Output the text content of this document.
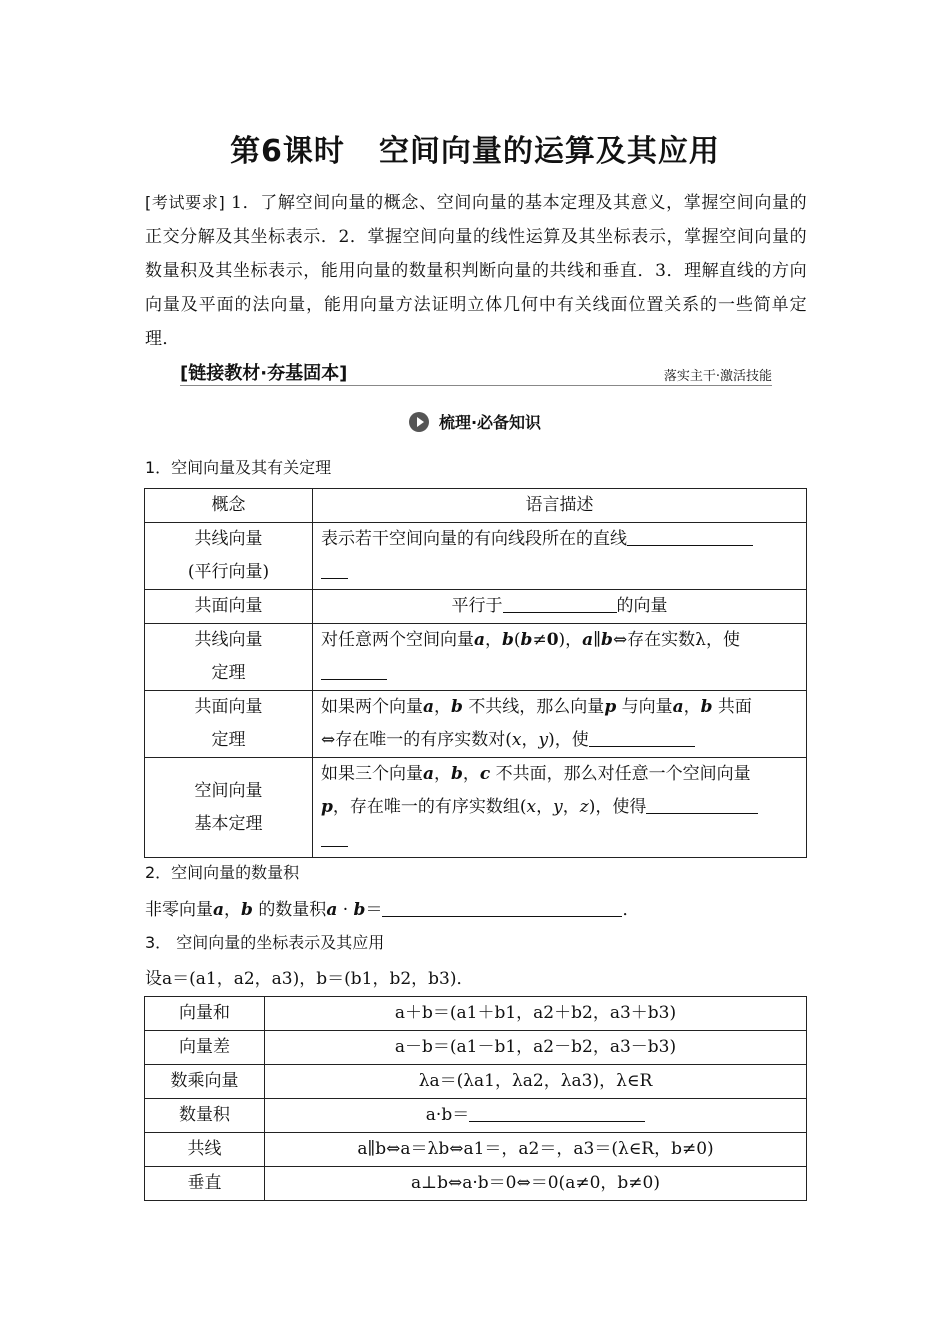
第6课时 空间向量的运算及其应用
[考试要求] 1．了解空间向量的概念、空间向量的基本定理及其意义，掌握空间向量的正交分解及其坐标表示．2．掌握空间向量的线性运算及其坐标表示，掌握空间向量的数量积及其坐标表示，能用向量的数量积判断向量的共线和垂直．3．理解直线的方向向量及平面的法向量，能用向量方法证明立体几何中有关线面位置关系的一些简单定理．
[链接教材·夯基固本]	落实主干·激活技能
梳理·必备知识
1．空间向量及其有关定理
概念	语言描述
共线向量
(平行向量)	表示若干空间向量的有向线段所在的直线

共面向量	平行于 的向量
共线向量
定理	对任意两个空间向量a，b(b≠0)，a∥b⇔存在实数λ，使

共面向量
定理	如果两个向量a，b 不共线，那么向量p 与向量a，b 共面
⇔存在唯一的有序实数对(x，y)，使
空间向量
基本定理	如果三个向量a，b，c 不共面，那么对任意一个空间向量
p，存在唯一的有序实数组(x，y，z)，使得

2．空间向量的数量积
非零向量a，b 的数量积a · b＝	．
3． 空间向量的坐标表示及其应用
设a＝(a1，a2，a3)，b＝(b1，b2，b3)．
向量和	a＋b＝(a1＋b1，a2＋b2，a3＋b3)
向量差	a－b＝(a1－b1，a2－b2，a3－b3)
数乘向量	λa＝(λa1，λa2，λa3)，λ∈R
数量积	a·b＝
共线	a∥b⇔a＝λb⇔a1＝，a2＝，a3＝(λ∈R，b≠0)
垂直	a⊥b⇔a·b＝0⇔＝0(a≠0，b≠0)
